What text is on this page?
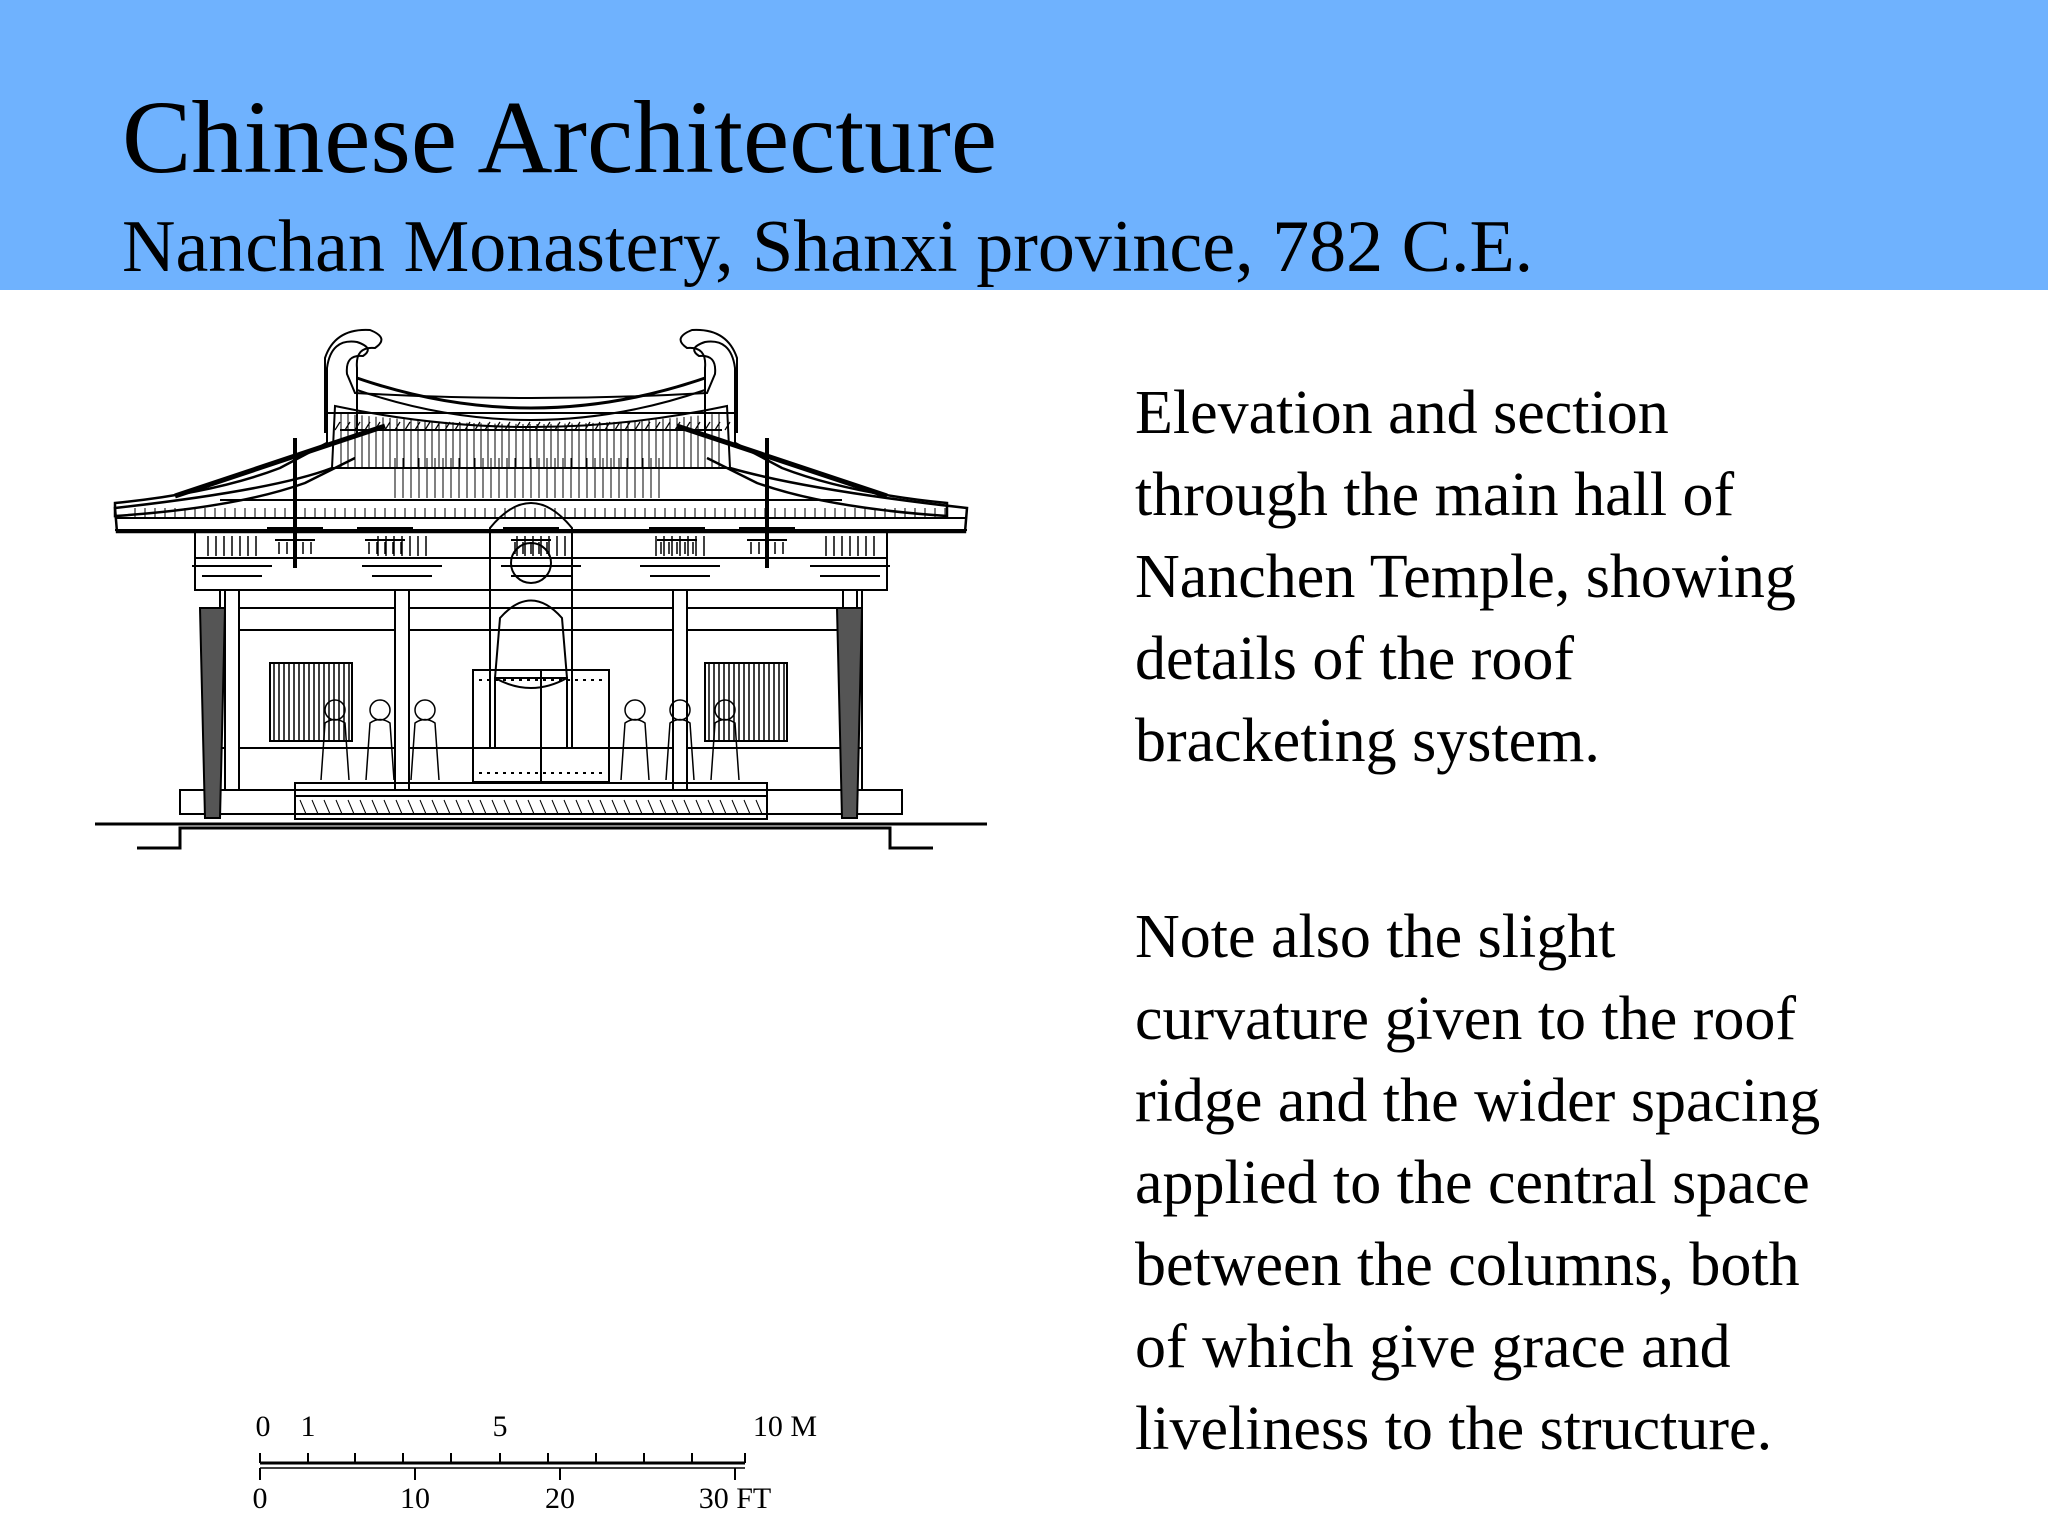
Chinese Architecture
Nanchan Monastery, Shanxi province, 782 C.E.
0 1	5	10 M
0	10	20	30 FT

Elevation and section

through the main hall of

Nanchen Temple, showing

details of the roof

bracketing system.

Note also the slight

curvature given to the roof

ridge and the wider spacing

applied to the central space

between the columns, both

of which give grace and

liveliness to the structure.
